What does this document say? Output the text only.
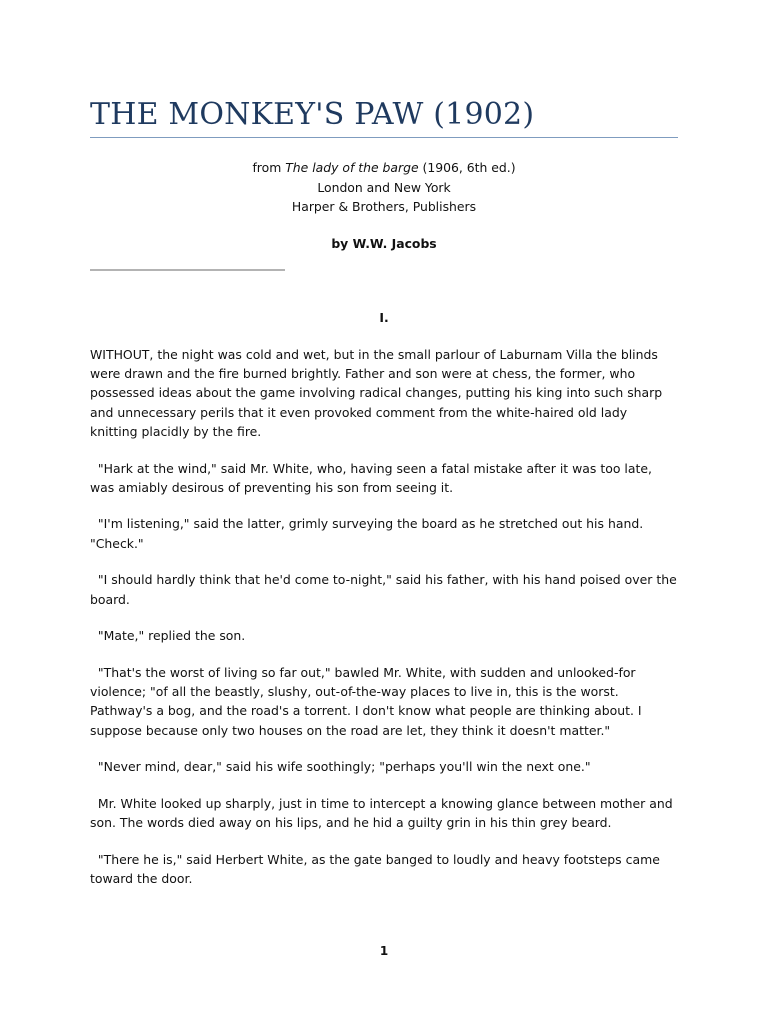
THE MONKEY'S PAW (1902)

from The lady of the barge (1906, 6th ed.)

London and New York

Harper & Brothers, Publishers

by W.W. Jacobs

I.

WITHOUT, the night was cold and wet, but in the small parlour of Laburnam Villa the blinds were drawn and the fire burned brightly. Father and son were at chess, the former, who possessed ideas about the game involving radical changes, putting his king into such sharp and unnecessary perils that it even provoked comment from the white-haired old lady knitting placidly by the fire.

"Hark at the wind," said Mr. White, who, having seen a fatal mistake after it was too late, was amiably desirous of preventing his son from seeing it.

"I'm listening," said the latter, grimly surveying the board as he stretched out his hand. "Check."

"I should hardly think that he'd come to-night," said his father, with his hand poised over the board.

"Mate," replied the son.

"That's the worst of living so far out," bawled Mr. White, with sudden and unlooked-for violence; "of all the beastly, slushy, out-of-the-way places to live in, this is the worst. Pathway's a bog, and the road's a torrent. I don't know what people are thinking about. I suppose because only two houses on the road are let, they think it doesn't matter."

"Never mind, dear," said his wife soothingly; "perhaps you'll win the next one."

Mr. White looked up sharply, just in time to intercept a knowing glance between mother and son. The words died away on his lips, and he hid a guilty grin in his thin grey beard.

"There he is," said Herbert White, as the gate banged to loudly and heavy footsteps came toward the door.

1
